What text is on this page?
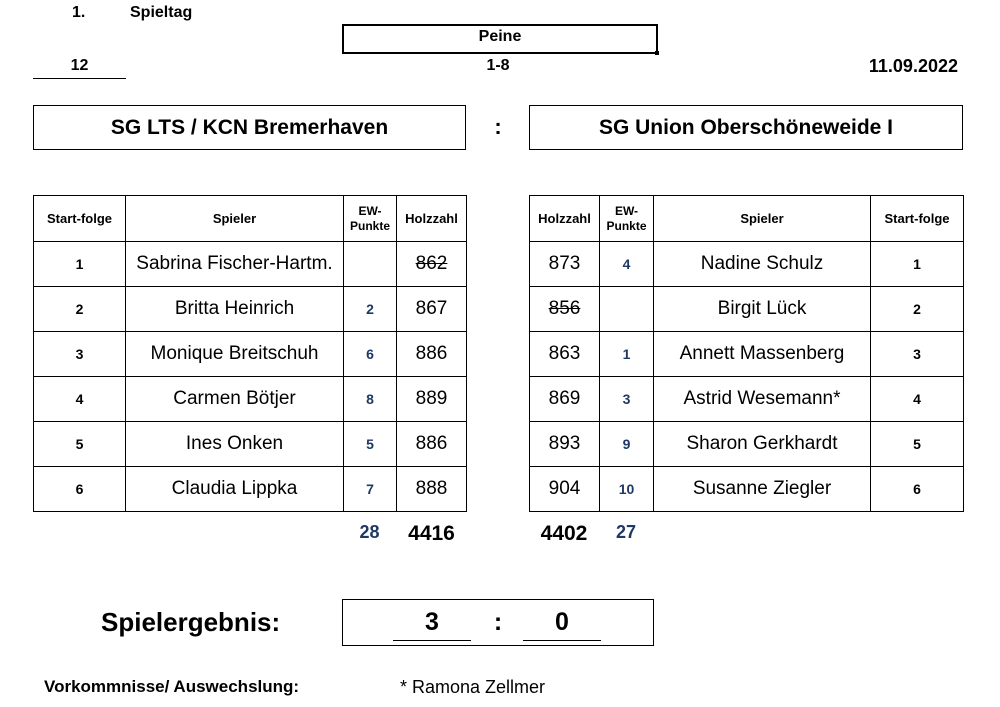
1.	Spieltag
Peine
12	1-8	11.09.2022
SG LTS / KCN Bremerhaven	:	SG Union Oberschöneweide I
Start-folge	Spieler	EW-Punkte	Holzzahl
1	Sabrina Fischer-Hartm.		862
2	Britta Heinrich	2	867
3	Monique Breitschuh	6	886
4	Carmen Bötjer	8	889
5	Ines Onken	5	886
6	Claudia Lippka	7	888
Holzzahl	EW-Punkte	Spieler	Start-folge
873	4	Nadine Schulz	1
856		Birgit Lück	2
863	1	Annett Massenberg	3
869	3	Astrid Wesemann*	4
893	9	Sharon Gerkhardt	5
904	10	Susanne Ziegler	6
28	4416	4402	27
Spielergebnis:	3	:	0
Vorkommnisse/ Auswechslung:	* Ramona Zellmer
